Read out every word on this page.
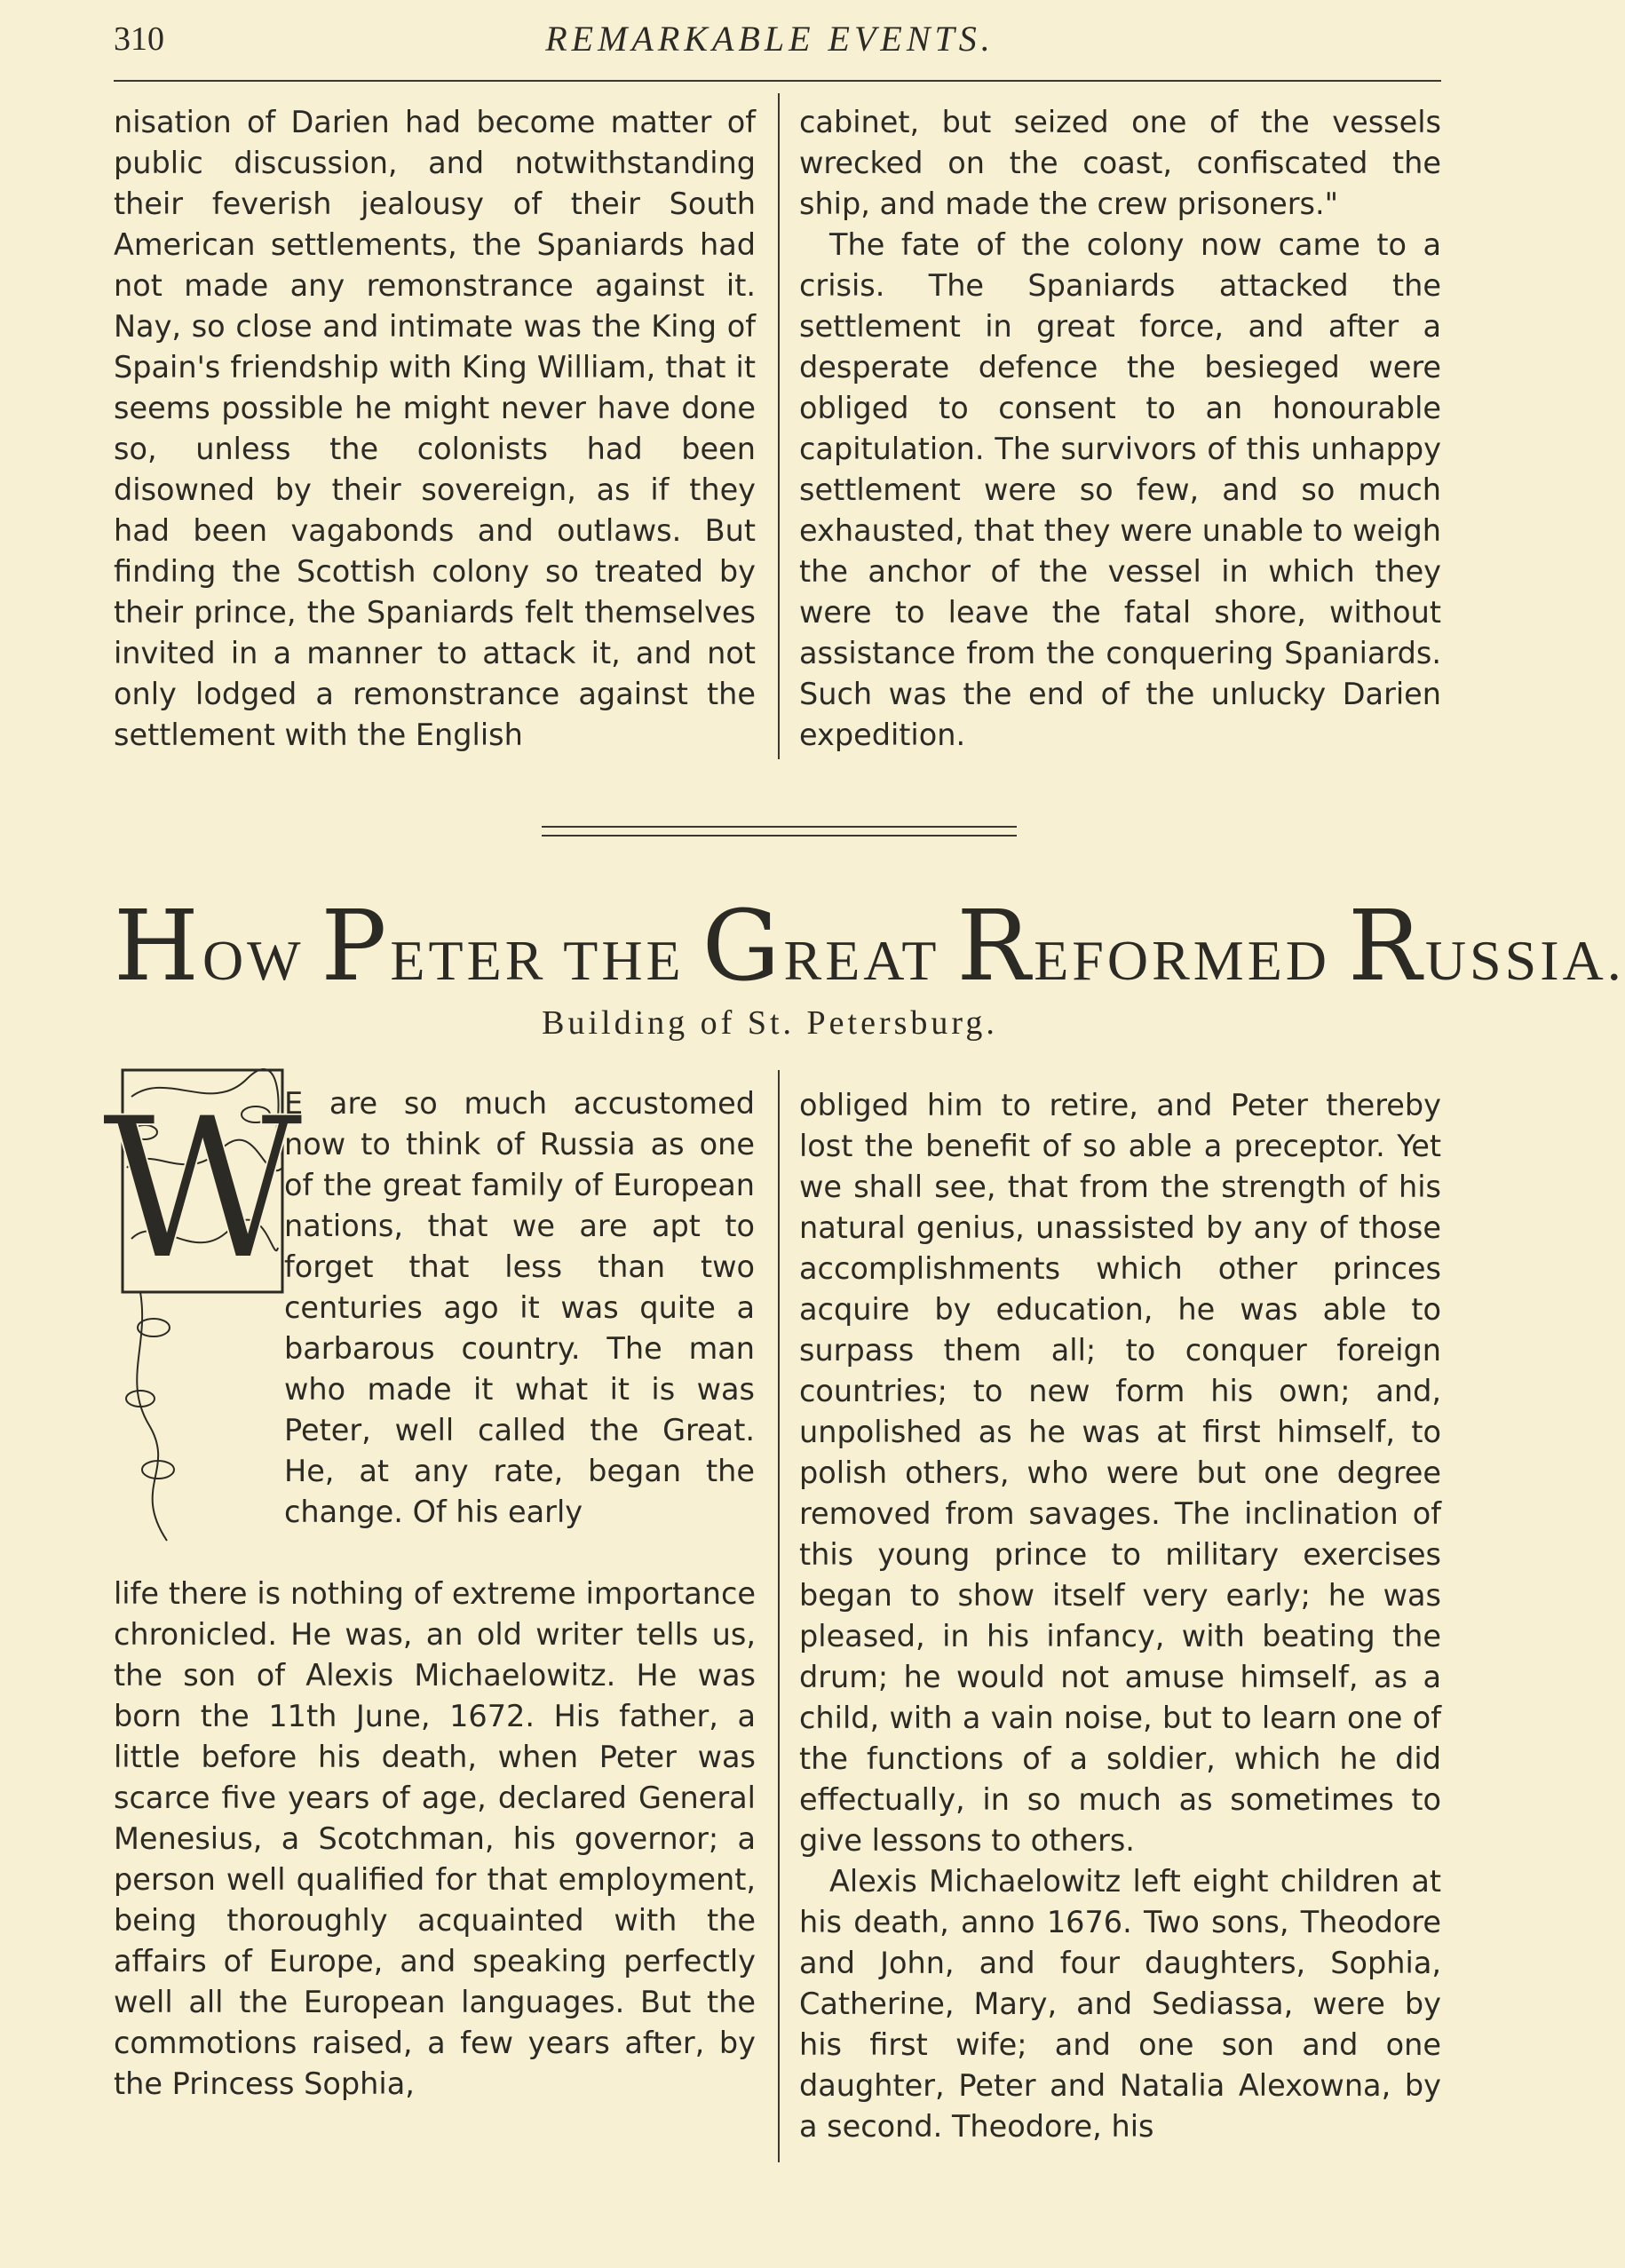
310	REMARKABLE EVENTS.

nisation of Darien had become matter of public discussion, and notwithstanding their feverish jealousy of their South American settlements, the Spaniards had not made any remonstrance against it. Nay, so close and intimate was the King of Spain's friendship with King William, that it seems possible he might never have done so, unless the colonists had been disowned by their sovereign, as if they had been vagabonds and outlaws. But finding the Scottish colony so treated by their prince, the Spaniards felt themselves invited in a manner to attack it, and not only lodged a remonstrance against the settlement with the English

cabinet, but seized one of the vessels wrecked on the coast, confiscated the ship, and made the crew prisoners."

The fate of the colony now came to a crisis. The Spaniards attacked the settlement in great force, and after a desperate defence the besieged were obliged to consent to an honourable capitulation. The survivors of this unhappy settlement were so few, and so much exhausted, that they were unable to weigh the anchor of the vessel in which they were to leave the fatal shore, without assistance from the conquering Spaniards. Such was the end of the unlucky Darien expedition.

HOW PETER THE GREAT REFORMED RUSSIA.
Building of St. Petersburg.
W

E are so much accustomed now to think of Russia as one of the great family of European nations, that we are apt to forget that less than two centuries ago it was quite a barbarous country. The man who made it what it is was Peter, well called the Great. He, at any rate, began the change. Of his early

life there is nothing of extreme importance chronicled. He was, an old writer tells us, the son of Alexis Michaelowitz. He was born the 11th June, 1672. His father, a little before his death, when Peter was scarce five years of age, declared General Menesius, a Scotchman, his governor; a person well qualified for that employment, being thoroughly acquainted with the affairs of Europe, and speaking perfectly well all the European languages. But the commotions raised, a few years after, by the Princess Sophia,

obliged him to retire, and Peter thereby lost the benefit of so able a preceptor. Yet we shall see, that from the strength of his natural genius, unassisted by any of those accomplishments which other princes acquire by education, he was able to surpass them all; to conquer foreign countries; to new form his own; and, unpolished as he was at first himself, to polish others, who were but one degree removed from savages. The inclination of this young prince to military exercises began to show itself very early; he was pleased, in his infancy, with beating the drum; he would not amuse himself, as a child, with a vain noise, but to learn one of the functions of a soldier, which he did effectually, in so much as sometimes to give lessons to others.

Alexis Michaelowitz left eight children at his death, anno 1676. Two sons, Theodore and John, and four daughters, Sophia, Catherine, Mary, and Sediassa, were by his first wife; and one son and one daughter, Peter and Natalia Alexowna, by a second. Theodore, his
